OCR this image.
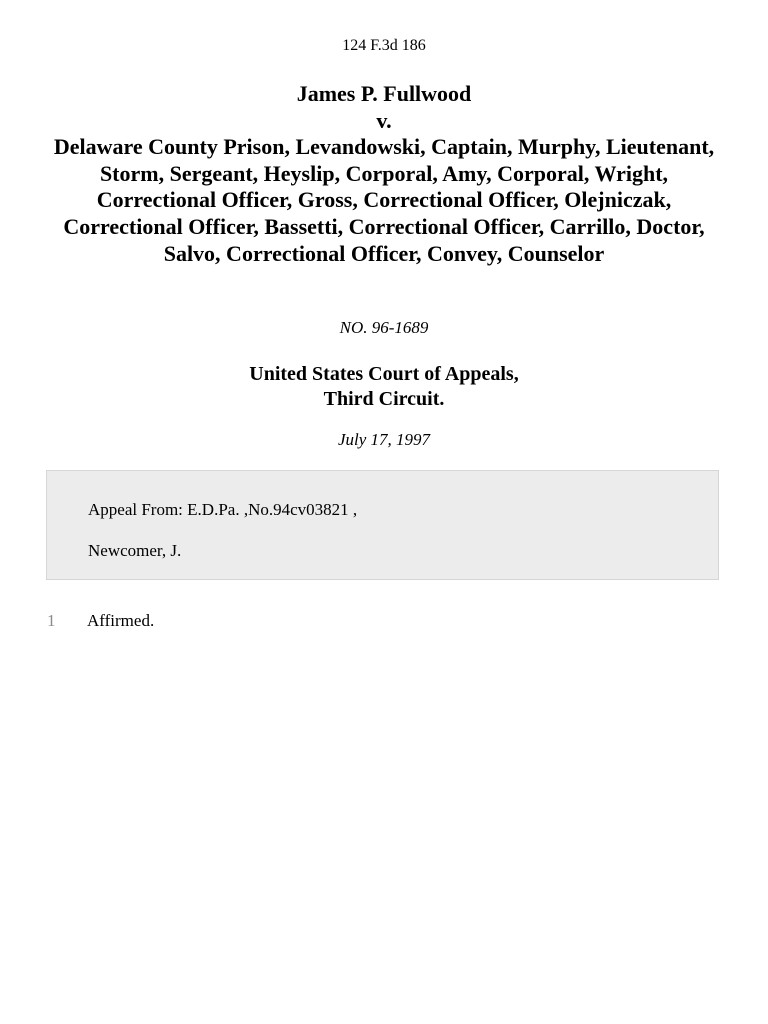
124 F.3d 186
James P. Fullwood
v.
Delaware County Prison, Levandowski, Captain, Murphy, Lieutenant, Storm, Sergeant, Heyslip, Corporal, Amy, Corporal, Wright, Correctional Officer, Gross, Correctional Officer, Olejniczak, Correctional Officer, Bassetti, Correctional Officer, Carrillo, Doctor, Salvo, Correctional Officer, Convey, Counselor
NO. 96-1689
United States Court of Appeals,
Third Circuit.
July 17, 1997
Appeal From: E.D.Pa. ,No.94cv03821 ,
Newcomer, J.
1 Affirmed.
